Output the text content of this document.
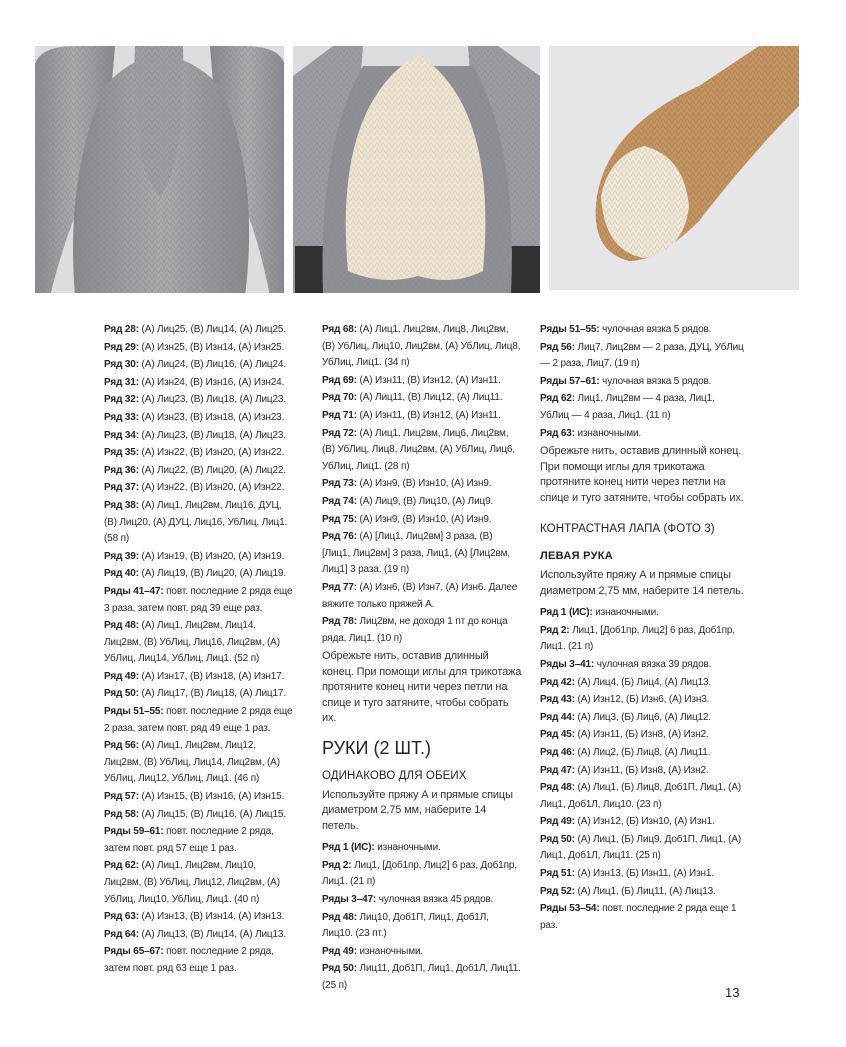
Ряд 28: (А) Лиц25, (В) Лиц14, (А) Лиц25.

Ряд 29: (А) Изн25, (В) Изн14, (А) Изн25.

Ряд 30: (А) Лиц24, (В) Лиц16, (А) Лиц24.

Ряд 31: (А) Изн24, (В) Изн16, (А) Изн24.

Ряд 32: (А) Лиц23, (В) Лиц18, (А) Лиц23.

Ряд 33: (А) Изн23, (В) Изн18, (А) Изн23.

Ряд 34: (А) Лиц23, (В) Лиц18, (А) Лиц23.

Ряд 35: (А) Изн22, (В) Изн20, (А) Изн22.

Ряд 36: (А) Лиц22, (В) Лиц20, (А) Лиц22.

Ряд 37: (А) Изн22, (В) Изн20, (А) Изн22.

Ряд 38: (А) Лиц1, Лиц2вм, Лиц16, ДУЦ, (В) Лиц20, (А) ДУЦ, Лиц16, УбЛиц, Лиц1. (58 п)

Ряд 39: (А) Изн19, (В) Изн20, (А) Изн19.

Ряд 40: (А) Лиц19, (В) Лиц20, (А) Лиц19.

Ряды 41–47: повт. последние 2 ряда еще 3 раза, затем повт. ряд 39 еще раз.

Ряд 48: (А) Лиц1, Лиц2вм, Лиц14, Лиц2вм, (В) УбЛиц, Лиц16, Лиц2вм, (А) УбЛиц, Лиц14, УбЛиц, Лиц1. (52 п)

Ряд 49: (А) Изн17, (В) Изн18, (А) Изн17.

Ряд 50: (А) Лиц17, (В) Лиц18, (А) Лиц17.

Ряды 51–55: повт. последние 2 ряда еще 2 раза, затем повт. ряд 49 еще 1 раз.

Ряд 56: (А) Лиц1, Лиц2вм, Лиц12, Лиц2вм, (В) УбЛиц, Лиц14, Лиц2вм, (А) УбЛиц, Лиц12, УбЛиц, Лиц1. (46 п)

Ряд 57: (А) Изн15, (В) Изн16, (А) Изн15.

Ряд 58: (А) Лиц15, (В) Лиц16, (А) Лиц15.

Ряды 59–61: повт. последние 2 ряда, затем повт. ряд 57 еще 1 раз.

Ряд 62: (А) Лиц1, Лиц2вм, Лиц10, Лиц2вм, (В) УбЛиц, Лиц12, Лиц2вм, (А) УбЛиц, Лиц10, УбЛиц, Лиц1. (40 п)

Ряд 63: (А) Изн13, (В) Изн14, (А) Изн13.

Ряд 64: (А) Лиц13, (В) Лиц14, (А) Лиц13.

Ряды 65–67: повт. последние 2 ряда, затем повт. ряд 63 еще 1 раз.

Ряд 68: (А) Лиц1, Лиц2вм, Лиц8, Лиц2вм, (В) УбЛиц, Лиц10, Лиц2вм, (А) УбЛиц, Лиц8, УбЛиц, Лиц1. (34 п)

Ряд 69: (А) Изн11, (В) Изн12, (А) Изн11.

Ряд 70: (А) Лиц11, (В) Лиц12, (А) Лиц11.

Ряд 71: (А) Изн11, (В) Изн12, (А) Изн11.

Ряд 72: (А) Лиц1, Лиц2вм, Лиц6, Лиц2вм, (В) УбЛиц, Лиц8, Лиц2вм, (А) УбЛиц, Лиц6, УбЛиц, Лиц1. (28 п)

Ряд 73: (А) Изн9, (В) Изн10, (А) Изн9.

Ряд 74: (А) Лиц9, (В) Лиц10, (А) Лиц9.

Ряд 75: (А) Изн9, (В) Изн10, (А) Изн9.

Ряд 76: (А) [Лиц1, Лиц2вм] 3 раза, (В) [Лиц1, Лиц2вм] 3 раза, Лиц1, (А) [Лиц2вм, Лиц1] 3 раза. (19 п)

Ряд 77: (А) Изн6, (В) Изн7, (А) Изн6. Далее вяжите только пряжей А.

Ряд 78: Лиц2вм, не доходя 1 пт до конца ряда, Лиц1. (10 п)

Обрежьте нить, оставив длинный конец. При помощи иглы для трикотажа протяните конец нити через петли на спице и туго затяните, чтобы собрать их.

РУКИ (2 ШТ.)

ОДИНАКОВО ДЛЯ ОБЕИХ

Используйте пряжу А и прямые спицы диаметром 2,75 мм, наберите 14 петель.

Ряд 1 (ИС): изнаночными.

Ряд 2: Лиц1, [Доб1пр, Лиц2] 6 раз, Доб1пр, Лиц1. (21 п)

Ряды 3–47: чулочная вязка 45 рядов.

Ряд 48: Лиц10, Доб1П, Лиц1, Доб1Л, Лиц10. (23 пт.)

Ряд 49: изнаночными.

Ряд 50: Лиц11, Доб1П, Лиц1, Доб1Л, Лиц11. (25 п)

Ряды 51–55: чулочная вязка 5 рядов.

Ряд 56: Лиц7, Лиц2вм — 2 раза, ДУЦ, УбЛиц — 2 раза, Лиц7. (19 п)

Ряды 57–61: чулочная вязка 5 рядов.

Ряд 62: Лиц1, Лиц2вм — 4 раза, Лиц1, УбЛиц — 4 раза, Лиц1. (11 п)

Ряд 63: изнаночными.

Обрежьте нить, оставив длинный конец. При помощи иглы для трикотажа протяните конец нити через петли на спице и туго затяните, чтобы собрать их.

КОНТРАСТНАЯ ЛАПА (ФОТО 3)

ЛЕВАЯ РУКА

Используйте пряжу А и прямые спицы диаметром 2,75 мм, наберите 14 петель.

Ряд 1 (ИС): изнаночными.

Ряд 2: Лиц1, [Доб1пр, Лиц2] 6 раз, Доб1пр, Лиц1. (21 п)

Ряды 3–41: чулочная вязка 39 рядов.

Ряд 42: (А) Лиц4, (Б) Лиц4, (А) Лиц13.

Ряд 43: (А) Изн12, (Б) Изн6, (А) Изн3.

Ряд 44: (А) Лиц3, (Б) Лиц6, (А) Лиц12.

Ряд 45: (А) Изн11, (Б) Изн8, (А) Изн2.

Ряд 46: (А) Лиц2, (Б) Лиц8, (А) Лиц11.

Ряд 47: (А) Изн11, (Б) Изн8, (А) Изн2.

Ряд 48: (А) Лиц1, (Б) Лиц8, Доб1П, Лиц1, (А) Лиц1, Доб1Л, Лиц10. (23 п)

Ряд 49: (А) Изн12, (Б) Изн10, (А) Изн1.

Ряд 50: (А) Лиц1, (Б) Лиц9, Доб1П, Лиц1, (А) Лиц1, Доб1Л, Лиц11. (25 п)

Ряд 51: (А) Изн13, (Б) Изн11, (А) Изн1.

Ряд 52: (А) Лиц1, (Б) Лиц11, (А) Лиц13.

Ряды 53–54: повт. последние 2 ряда еще 1 раз.

13
